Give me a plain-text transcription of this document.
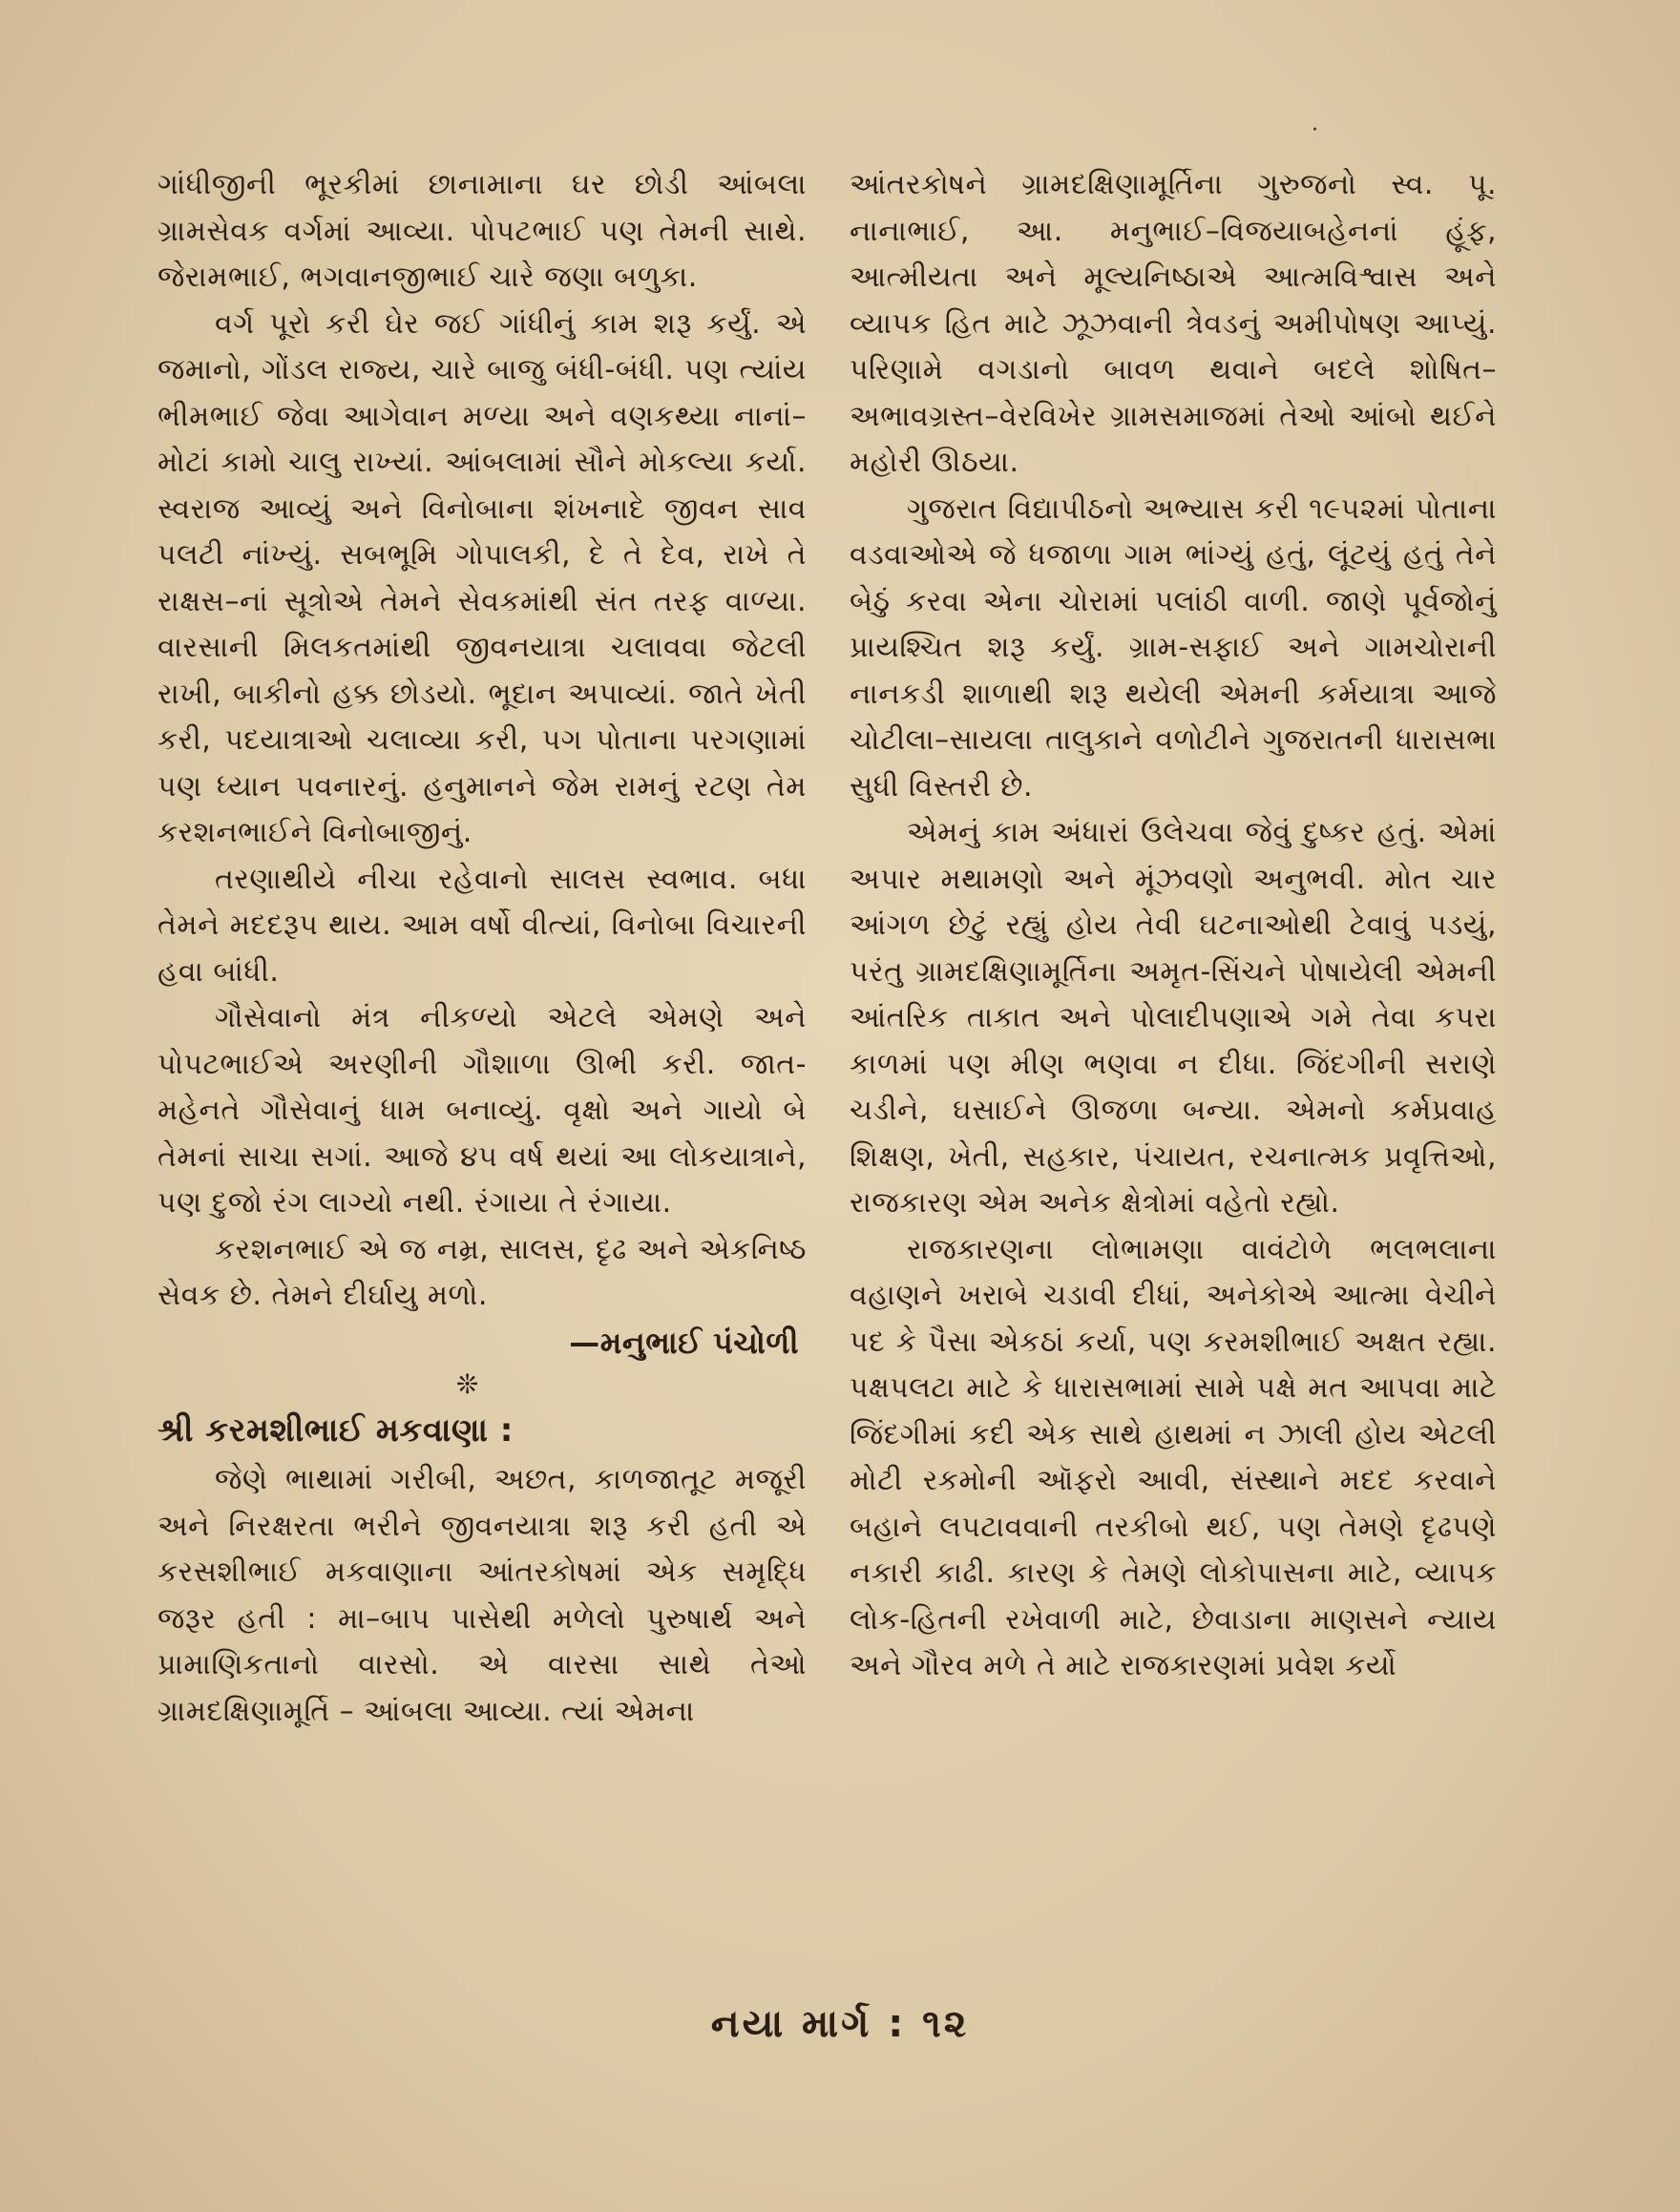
·

ગાંધીજીની ભૂરકીમાં છાનામાના ઘર છોડી આંબલા ગ્રામસેવક વર્ગમાં આવ્યા. પોપટભાઈ પણ તેમની સાથે. જેરામભાઈ, ભગવાનજીભાઈ ચારે જણા બળુકા.

વર્ગ પૂરો કરી ઘેર જઈ ગાંધીનું કામ શરૂ કર્યું. એ જમાનો, ગોંડલ રાજ્ય, ચારે બાજુ બંધી-બંધી. પણ ત્યાંય ભીમભાઈ જેવા આગેવાન મળ્યા અને વણકથ્યા નાનાં–મોટાં કામો ચાલુ રાખ્યાં. આંબલામાં સૌને મોકલ્યા કર્યા. સ્વરાજ આવ્યું અને વિનોબાના શંખનાદે જીવન સાવ પલટી નાંખ્યું. સબભૂમિ ગોપાલકી, દે તે દેવ, રાખે તે રાક્ષસ–નાં સૂત્રોએ તેમને સેવકમાંથી સંત તરફ વાળ્યા. વારસાની મિલકતમાંથી જીવનયાત્રા ચલાવવા જેટલી રાખી, બાકીનો હક્ક છોડયો. ભૂદાન અપાવ્યાં. જાતે ખેતી કરી, પદયાત્રાઓ ચલાવ્યા કરી, પગ પોતાના પરગણામાં પણ ધ્યાન પવનારનું. હનુમાનને જેમ રામનું રટણ તેમ કરશનભાઈને વિનોબાજીનું.

તરણાથીયે નીચા રહેવાનો સાલસ સ્વભાવ. બધા તેમને મદદરૂપ થાય. આમ વર્ષો વીત્યાં, વિનોબા વિચારની હવા બાંધી.

ગૌસેવાનો મંત્ર નીકળ્યો એટલે એમણે અને પોપટભાઈએ અરણીની ગૌશાળા ઊભી કરી. જાત-મહેનતે ગૌસેવાનું ધામ બનાવ્યું. વૃક્ષો અને ગાયો બે તેમનાં સાચા સગાં. આજે ૪૫ વર્ષ થયાં આ લોકયાત્રાને, પણ દુજો રંગ લાગ્યો નથી. રંગાયા તે રંગાયા.

કરશનભાઈ એ જ નમ્ર, સાલસ, દૃઢ અને એકનિષ્ઠ સેવક છે. તેમને દીર્ઘાયુ મળો.

—મનુભાઈ પંચોળી

❊

શ્રી કરમશીભાઈ મકવાણા :

જેણે ભાથામાં ગરીબી, અછત, કાળજાતૂટ મજૂરી અને નિરક્ષરતા ભરીને જીવનયાત્રા શરૂ કરી હતી એ કરસશીભાઈ મકવાણાના આંતરકોષમાં એક સમૃદ્ધિ જરૂર હતી : મા–બાપ પાસેથી મળેલો પુરુષાર્થ અને પ્રામાણિકતાનો વારસો. એ વારસા સાથે તેઓ ગ્રામદક્ષિણામૂર્તિ – આંબલા આવ્યા. ત્યાં એમના

આંતરકોષને ગ્રામદક્ષિણામૂર્તિના ગુરુજનો સ્વ. પૂ. નાનાભાઈ, આ. મનુભાઈ–વિજયાબહેનનાં હૂંફ, આત્મીયતા અને મૂલ્યનિષ્ઠાએ આત્મવિશ્વાસ અને વ્યાપક હિત માટે ઝૂઝવાની ત્રેવડનું અમીપોષણ આપ્યું. પરિણામે વગડાનો બાવળ થવાને બદલે શોષિત–અભાવગ્રસ્ત–વેરવિખેર ગ્રામસમાજમાં તેઓ આંબો થઈને મહોરી ઊઠયા.

ગુજરાત વિદ્યાપીઠનો અભ્યાસ કરી ૧૯૫૨માં પોતાના વડવાઓએ જે ધજાળા ગામ ભાંગ્યું હતું, લૂંટયું હતું તેને બેઠું કરવા એના ચોરામાં પલાંઠી વાળી. જાણે પૂર્વજોનું પ્રાયશ્ચિત શરૂ કર્યું. ગ્રામ-સફાઈ અને ગામચોરાની નાનકડી શાળાથી શરૂ થયેલી એમની કર્મયાત્રા આજે ચોટીલા–સાયલા તાલુકાને વળોટીને ગુજરાતની ધારાસભા સુધી વિસ્તરી છે.

એમનું કામ અંધારાં ઉલેચવા જેવું દુષ્કર હતું. એમાં અપાર મથામણો અને મૂંઝવણો અનુભવી. મોત ચાર આંગળ છેટું રહ્યું હોય તેવી ઘટનાઓથી ટેવાવું પડયું, પરંતુ ગ્રામદક્ષિણામૂર્તિના અમૃત-સિંચને પોષાયેલી એમની આંતરિક તાકાત અને પોલાદીપણાએ ગમે તેવા કપરા કાળમાં પણ મીણ ભણવા ન દીધા. જિંદગીની સરાણે ચડીને, ઘસાઈને ઊજળા બન્યા. એમનો કર્મપ્રવાહ શિક્ષણ, ખેતી, સહકાર, પંચાયત, રચનાત્મક પ્રવૃત્તિઓ, રાજકારણ એમ અનેક ક્ષેત્રોમાં વહેતો રહ્યો.

રાજકારણના લોભામણા વાવંટોળે ભલભલાના વહાણને ખરાબે ચડાવી દીધાં, અનેકોએ આત્મા વેચીને પદ કે પૈસા એકઠાં કર્યા, પણ કરમશીભાઈ અક્ષત રહ્યા. પક્ષપલટા માટે કે ધારાસભામાં સામે પક્ષે મત આપવા માટે જિંદગીમાં કદી એક સાથે હાથમાં ન ઝાલી હોય એટલી મોટી રકમોની ઑફરો આવી, સંસ્થાને મદદ કરવાને બહાને લપટાવવાની તરકીબો થઈ, પણ તેમણે દૃઢપણે નકારી કાઢી. કારણ કે તેમણે લોકોપાસના માટે, વ્યાપક લોક-હિતની રખેવાળી માટે, છેવાડાના માણસને ન્યાય અને ગૌરવ મળે તે માટે રાજકારણમાં પ્રવેશ કર્યો

નયા માર્ગ : ૧૨
